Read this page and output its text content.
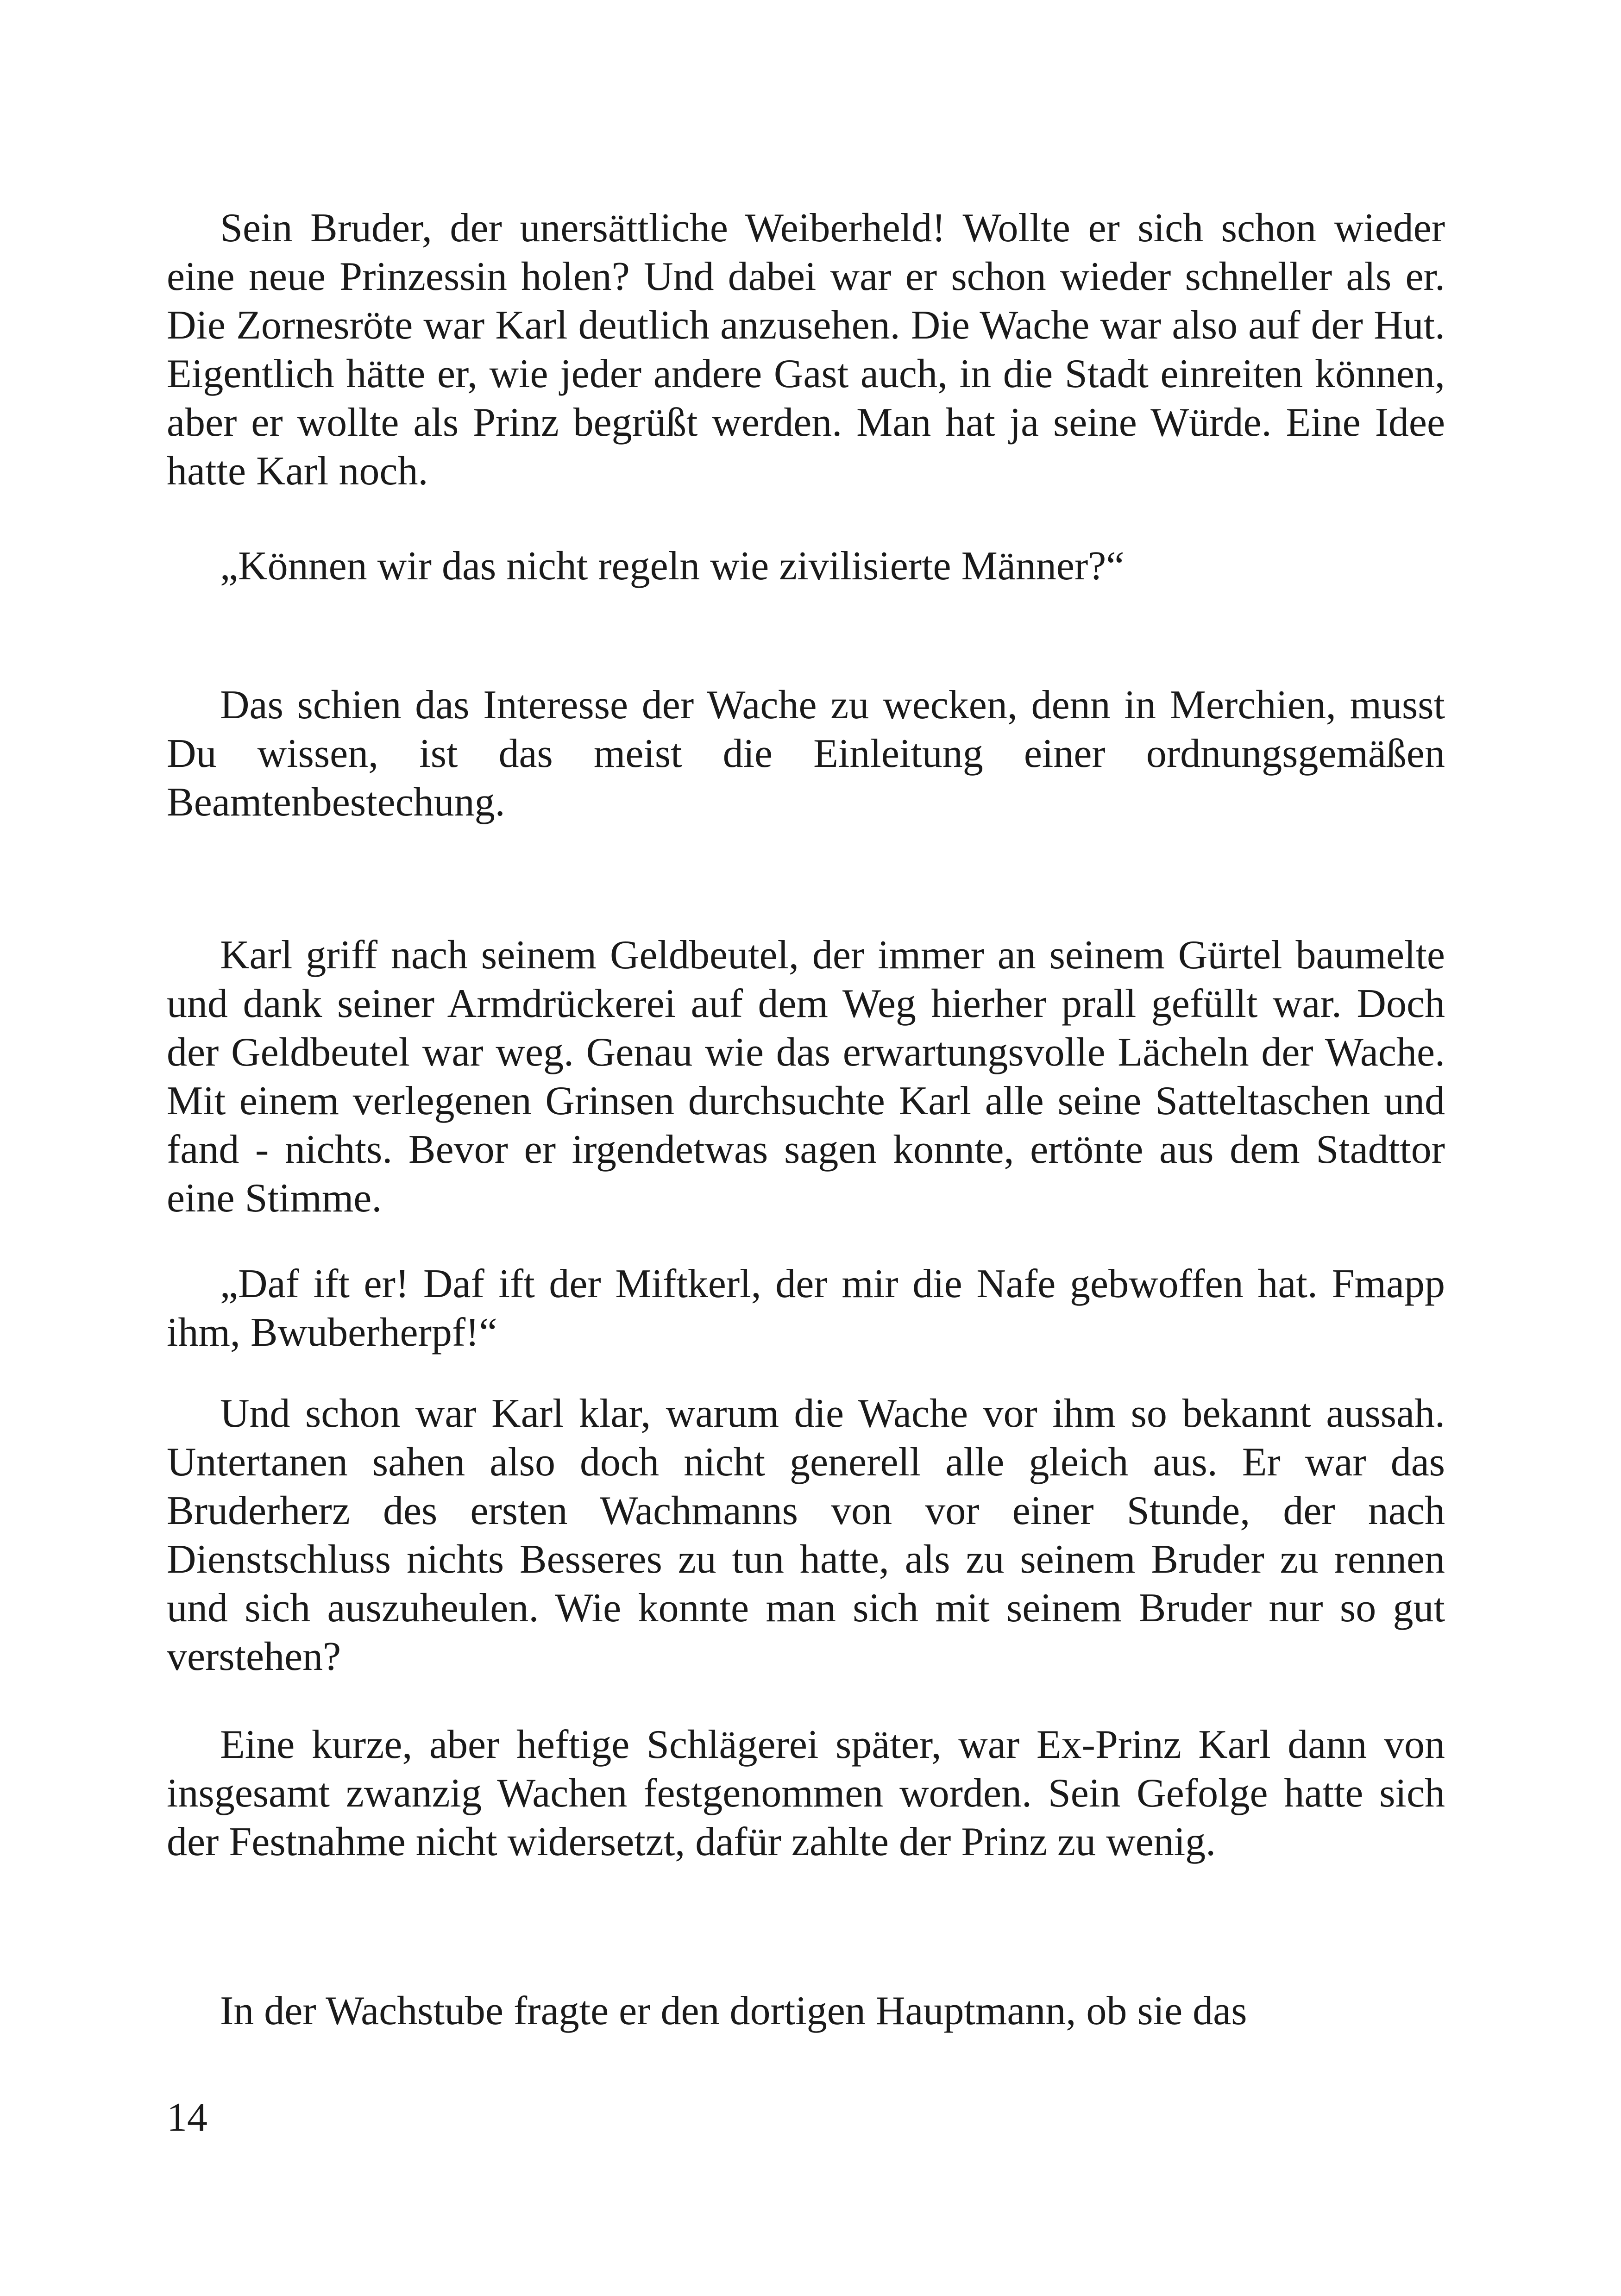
Sein Bruder, der unersättliche Weiberheld! Wollte er sich schon wieder eine neue Prinzessin holen? Und dabei war er schon wieder schneller als er. Die Zornesröte war Karl deutlich anzusehen. Die Wache war also auf der Hut. Eigentlich hätte er, wie jeder andere Gast auch, in die Stadt einreiten können, aber er wollte als Prinz begrüßt werden. Man hat ja seine Würde. Eine Idee hatte Karl noch.

„Können wir das nicht regeln wie zivilisierte Männer?“

Das schien das Interesse der Wache zu wecken, denn in Merchien, musst Du wissen, ist das meist die Einleitung einer ordnungsgemäßen Beamtenbestechung.

Karl griff nach seinem Geldbeutel, der immer an seinem Gürtel baumelte und dank seiner Armdrückerei auf dem Weg hierher prall gefüllt war. Doch der Geldbeutel war weg. Genau wie das erwartungsvolle Lächeln der Wache. Mit einem verlegenen Grinsen durchsuchte Karl alle seine Satteltaschen und fand - nichts. Bevor er irgendetwas sagen konnte, ertönte aus dem Stadttor eine Stimme.

„Daf ift er! Daf ift der Miftkerl, der mir die Nafe gebwoffen hat. Fmapp ihm, Bwuberherpf!“

Und schon war Karl klar, warum die Wache vor ihm so bekannt aussah. Untertanen sahen also doch nicht generell alle gleich aus. Er war das Bruderherz des ersten Wachmanns von vor einer Stunde, der nach Dienstschluss nichts Besseres zu tun hatte, als zu seinem Bruder zu rennen und sich auszuheulen. Wie konnte man sich mit seinem Bruder nur so gut verstehen?

Eine kurze, aber heftige Schlägerei später, war Ex-Prinz Karl dann von insgesamt zwanzig Wachen festgenommen worden. Sein Gefolge hatte sich der Festnahme nicht widersetzt, dafür zahlte der Prinz zu wenig.

In der Wachstube fragte er den dortigen Hauptmann, ob sie das

14
